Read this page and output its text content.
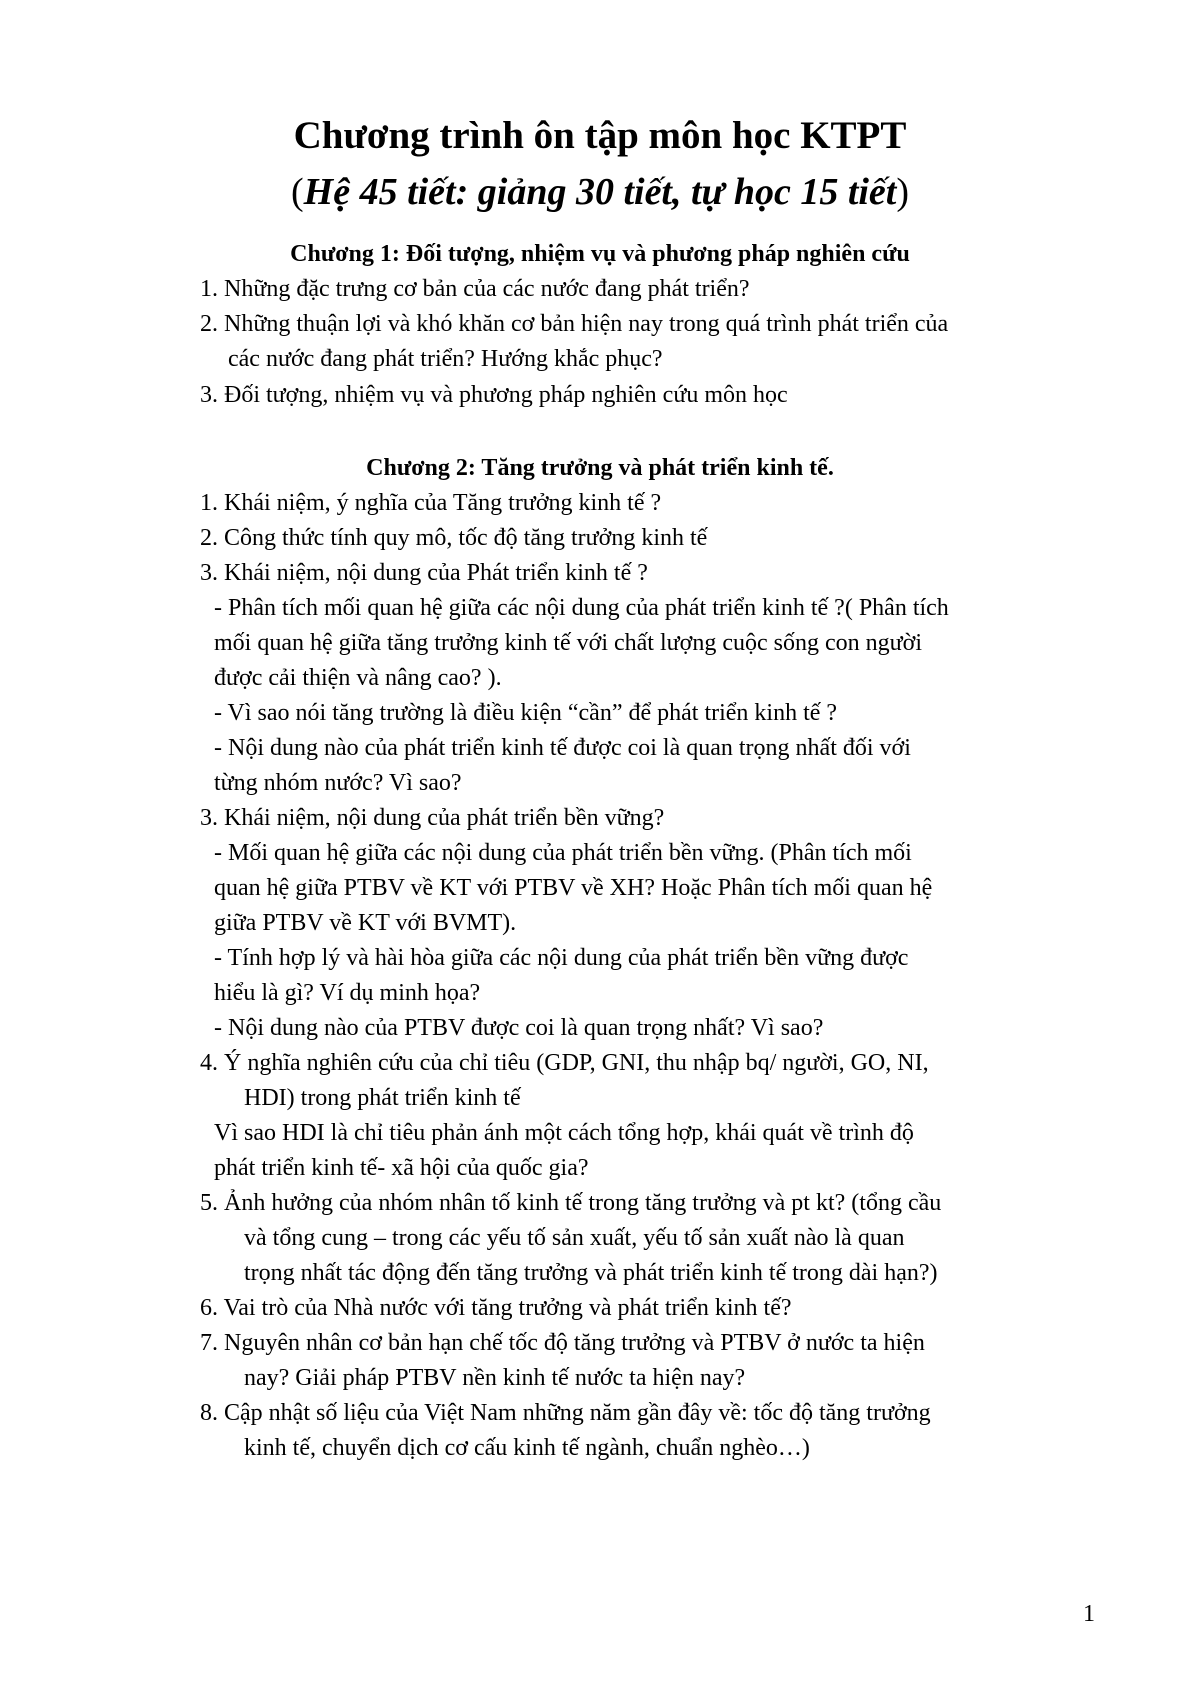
Chương trình ôn tập môn học KTPT
(Hệ 45 tiết: giảng 30 tiết, tự học 15 tiết)
Chương 1: Đối tượng, nhiệm vụ và phương pháp nghiên cứu
1. Những đặc trưng cơ bản của các nước đang phát triển?
2. Những thuận lợi và khó khăn cơ bản hiện nay trong quá trình phát triển của
các nước đang phát triển? Hướng khắc phục?
3. Đối tượng, nhiệm vụ và phương pháp nghiên cứu môn học
Chương 2: Tăng trưởng và phát triển kinh tế.
1. Khái niệm, ý nghĩa của Tăng trưởng kinh tế ?
2. Công thức tính quy mô, tốc độ tăng trưởng kinh tế
3. Khái niệm, nội dung của Phát triển kinh tế ?
- Phân tích mối quan hệ giữa các nội dung của phát triển kinh tế ?( Phân tích
mối quan hệ giữa tăng trưởng kinh tế với chất lượng cuộc sống con người
được cải thiện và nâng cao? ).
- Vì sao nói tăng trường là điều kiện “cần” để phát triển kinh tế ?
- Nội dung nào của phát triển kinh tế được coi là quan trọng nhất đối với
từng nhóm nước? Vì sao?
3. Khái niệm, nội dung của phát triển bền vững?
- Mối quan hệ giữa các nội dung của phát triển bền vững. (Phân tích mối
quan hệ giữa PTBV về KT với PTBV về XH? Hoặc Phân tích mối quan hệ
giữa PTBV về KT với BVMT).
- Tính hợp lý và hài hòa giữa các nội dung của phát triển bền vững được
hiểu là gì? Ví dụ minh họa?
- Nội dung nào của PTBV được coi là quan trọng nhất? Vì sao?
4. Ý nghĩa nghiên cứu của chỉ tiêu (GDP, GNI, thu nhập bq/ người, GO, NI,
HDI) trong phát triển kinh tế
Vì sao HDI là chỉ tiêu phản ánh một cách tổng hợp, khái quát về trình độ
phát triển kinh tế- xã hội của quốc gia?
5. Ảnh hưởng của nhóm nhân tố kinh tế trong tăng trưởng và pt kt? (tổng cầu
và tổng cung – trong các yếu tố sản xuất, yếu tố sản xuất nào là quan
trọng nhất tác động đến tăng trưởng và phát triển kinh tế trong dài hạn?)
6. Vai trò của Nhà nước với tăng trưởng và phát triển kinh tế?
7. Nguyên nhân cơ bản hạn chế tốc độ tăng trưởng và PTBV ở nước ta hiện
nay? Giải pháp PTBV nền kinh tế nước ta hiện nay?
8. Cập nhật số liệu của Việt Nam những năm gần đây về: tốc độ tăng trưởng
kinh tế, chuyển dịch cơ cấu kinh tế ngành, chuẩn nghèo…)
1
